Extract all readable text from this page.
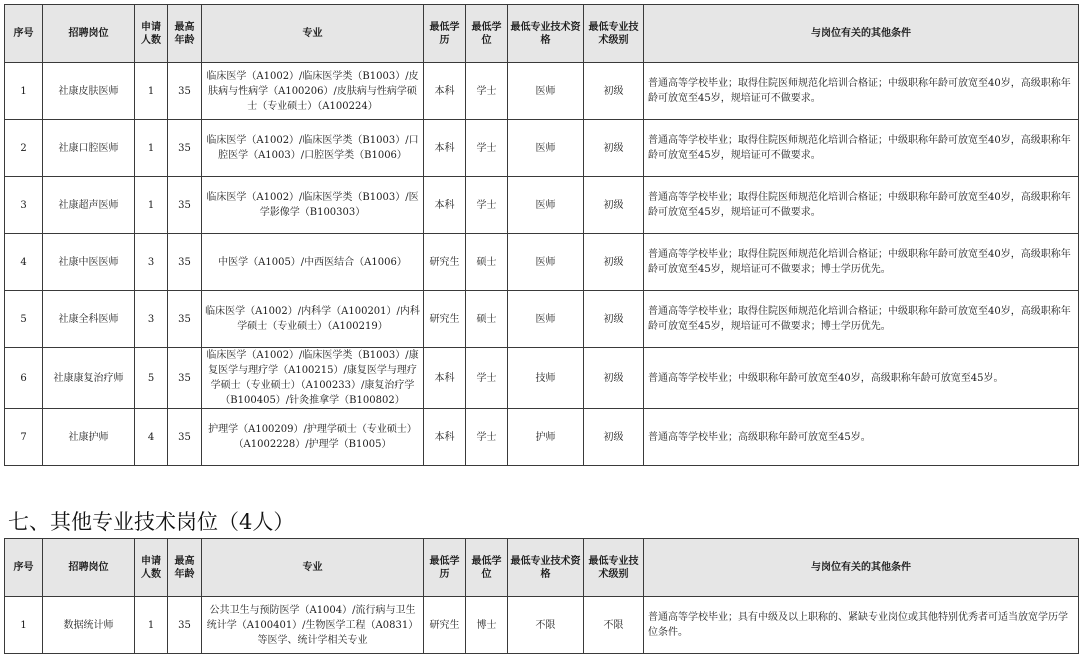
序号	招聘岗位	申请人数	最高年龄	专业	最低学历	最低学位	最低专业技术资格	最低专业技术级别	与岗位有关的其他条件
1	社康皮肤医师	1	35	临床医学（A1002）/临床医学类（B1003）/皮肤病与性病学（A100206）/皮肤病与性病学硕士（专业硕士）（A100224）	本科	学士	医师	初级	普通高等学校毕业；取得住院医师规范化培训合格证；中级职称年龄可放宽至40岁，高级职称年龄可放宽至45岁，规培证可不做要求。
2	社康口腔医师	1	35	临床医学（A1002）/临床医学类（B1003）/口腔医学（A1003）/口腔医学类（B1006）	本科	学士	医师	初级	普通高等学校毕业；取得住院医师规范化培训合格证；中级职称年龄可放宽至40岁，高级职称年龄可放宽至45岁，规培证可不做要求。
3	社康超声医师	1	35	临床医学（A1002）/临床医学类（B1003）/医学影像学（B100303）	本科	学士	医师	初级	普通高等学校毕业；取得住院医师规范化培训合格证；中级职称年龄可放宽至40岁，高级职称年龄可放宽至45岁，规培证可不做要求。
4	社康中医医师	3	35	中医学（A1005）/中西医结合（A1006）	研究生	硕士	医师	初级	普通高等学校毕业；取得住院医师规范化培训合格证；中级职称年龄可放宽至40岁，高级职称年龄可放宽至45岁，规培证可不做要求；博士学历优先。
5	社康全科医师	3	35	临床医学（A1002）/内科学（A100201）/内科学硕士（专业硕士）（A100219）	研究生	硕士	医师	初级	普通高等学校毕业；取得住院医师规范化培训合格证；中级职称年龄可放宽至40岁，高级职称年龄可放宽至45岁，规培证可不做要求；博士学历优先。
6	社康康复治疗师	5	35	临床医学（A1002）/临床医学类（B1003）/康复医学与理疗学（A100215）/康复医学与理疗学硕士（专业硕士）（A100233）/康复治疗学（B100405）/针灸推拿学（B100802）	本科	学士	技师	初级	普通高等学校毕业；中级职称年龄可放宽至40岁，高级职称年龄可放宽至45岁。
7	社康护师	4	35	护理学（A100209）/护理学硕士（专业硕士）（A1002228）/护理学（B1005）	本科	学士	护师	初级	普通高等学校毕业；高级职称年龄可放宽至45岁。
七、其他专业技术岗位（4人）
序号	招聘岗位	申请人数	最高年龄	专业	最低学历	最低学位	最低专业技术资格	最低专业技术级别	与岗位有关的其他条件
1	数据统计师	1	35	公共卫生与预防医学（A1004）/流行病与卫生统计学（A100401）/生物医学工程（A0831）等医学、统计学相关专业	研究生	博士	不限	不限	普通高等学校毕业；具有中级及以上职称的、紧缺专业岗位或其他特别优秀者可适当放宽学历学位条件。
